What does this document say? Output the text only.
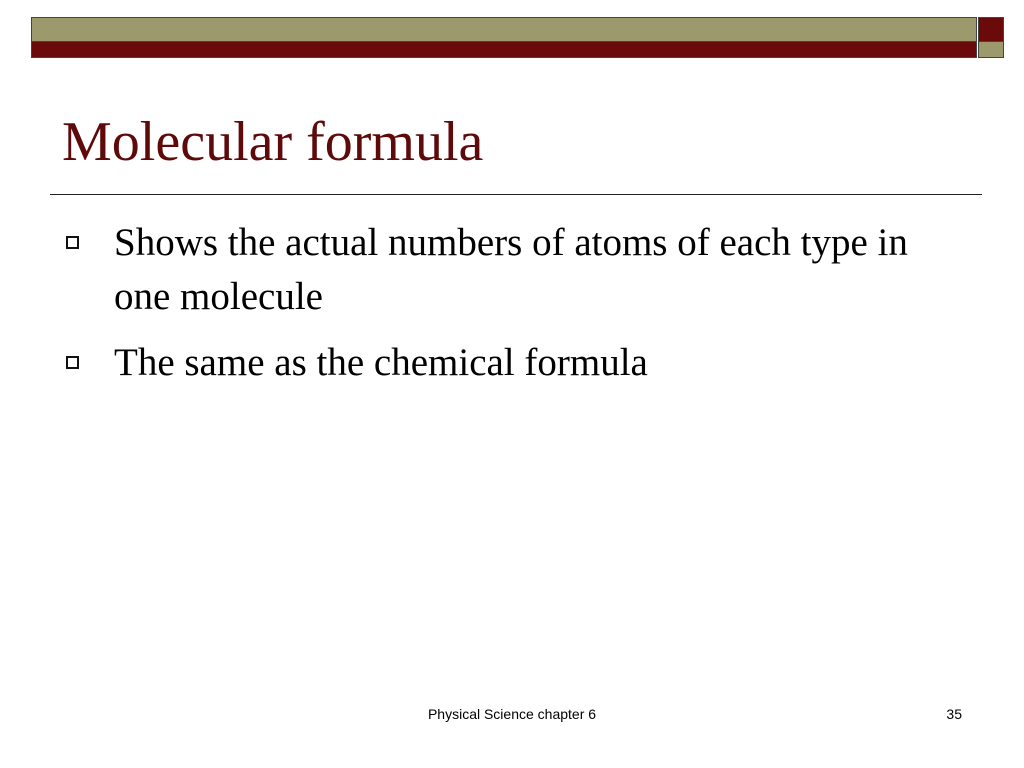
Molecular formula
Shows the actual numbers of atoms of each type in one molecule
The same as the chemical formula
Physical Science chapter 6	35
